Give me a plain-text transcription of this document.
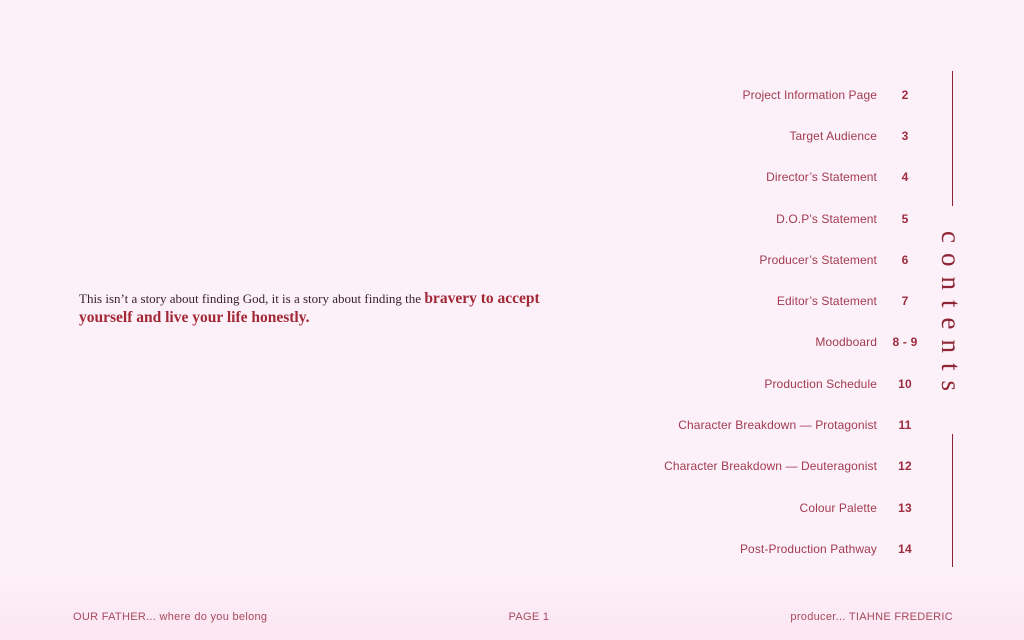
This isn’t a story about finding God, it is a story about finding the bravery to accept
yourself and live your life honestly.
Project Information Page	2
Target Audience	3
Director’s Statement	4
D.O.P’s Statement	5
Producer’s Statement	6
Editor’s Statement	7
Moodboard	8 - 9
Production Schedule	10
Character Breakdown — Protagonist	11
Character Breakdown — Deuteragonist	12
Colour Palette	13
Post-Production Pathway	14
contents
OUR FATHER... where do you belong	PAGE 1	producer... TIAHNE FREDERIC
